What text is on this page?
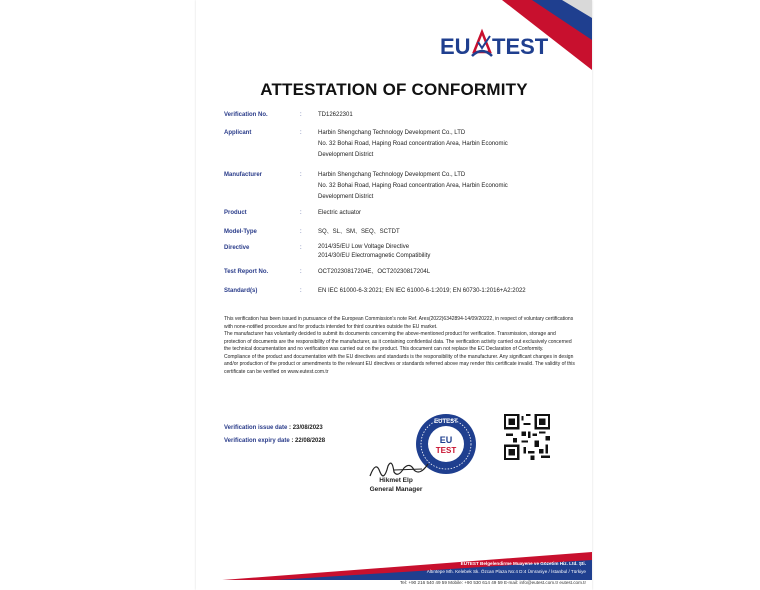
EU TEST
ATTESTATION OF CONFORMITY
Verification No.	:	TD12622301
Applicant	:	Harbin Shengchang Technology Development Co., LTD
No. 32 Bohai Road, Haping Road concentration Area, Harbin Economic
Development District
Manufacturer	:	Harbin Shengchang Technology Development Co., LTD
No. 32 Bohai Road, Haping Road concentration Area, Harbin Economic
Development District
Product	:	Electric actuator
Model-Type	:	SQ、SL、SM、SEQ、SCTDT
Directive	:	2014/35/EU Low Voltage Directive
2014/30/EU Electromagnetic Compatibility
Test Report No.	:	OCT20230817204E、OCT20230817204L
Standard(s)	:	EN IEC 61000-6-3:2021; EN IEC 61000-6-1:2019; EN 60730-1:2016+A2:2022

This verification has been issued in pursuance of the European Commission's note Ref. Ares(2022)6342894-14/09/20222, in respect of voluntary certifications with none-notified procedure and for products intended for third countries outside the EU market.

The manufacturer has voluntarily decided to submit its documents concerning the above-mentioned product for verification. Transmission, storage and protection of documents are the responsibility of the manufacturer, as it containing confidential data. The verification activity carried out exclusively concerned the technical documentation and no verification was carried out on the product. This document can not replace the EC Declaration of Conformity.

Compliance of the product and documentation with the EU directives and standards is the responsibility of the manufacturer. Any significant changes in design and/or production of the product or amendments to the relevant EU directives or standards referred above may render this certificate invalid. The validity of this certificate can be verified on www.eutest.com.tr

Verification issue date : 23/08/2023
Verification expiry date : 22/08/2028
EUTEST
EU
TEST
Hikmet Elp
General Manager
EUTEST Belgelendirme Muayene ve Gözetim Hiz. Ltd. Şti.
Altıntepe Mh. Kelebek Sk. Özcan Plaza No:4 D:4 Ümraniye / İstanbul / Türkiye
Tel: +90 216 540 49 59 Mobile: +90 530 614 49 59 E-mail: info@eutest.com.tr eutest.com.tr
